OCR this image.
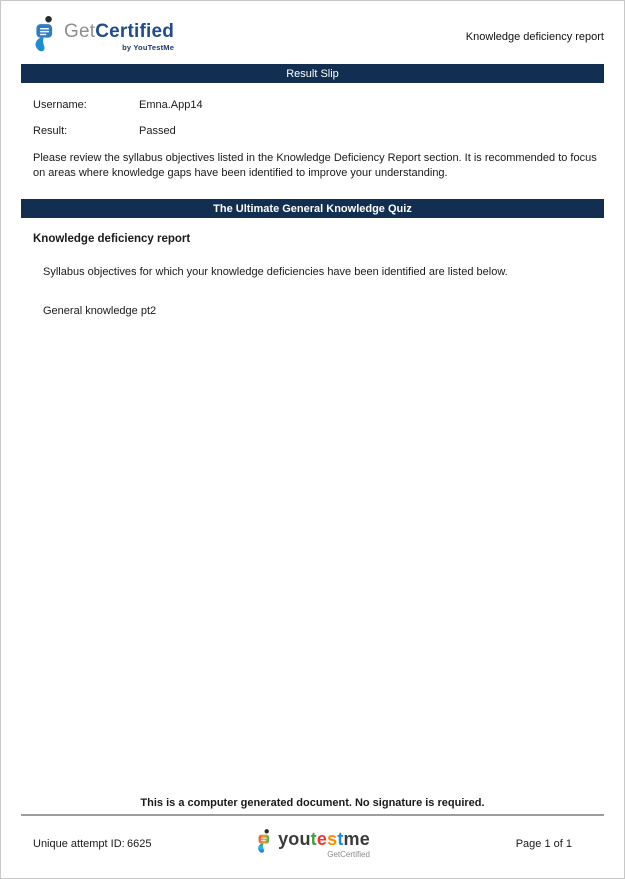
GetCertified
by YouTestMe
Knowledge deficiency report
Result Slip
Username:	Emna.App14
Result:	Passed
Please review the syllabus objectives listed in the Knowledge Deficiency Report section. It is recommended to focus on areas where knowledge gaps have been identified to improve your understanding.
The Ultimate General Knowledge Quiz
Knowledge deficiency report
Syllabus objectives for which your knowledge deficiencies have been identified are listed below.
General knowledge pt2
This is a computer generated document. No signature is required.
Unique attempt ID: 6625	youtestme
GetCertified
Page 1 of 1
